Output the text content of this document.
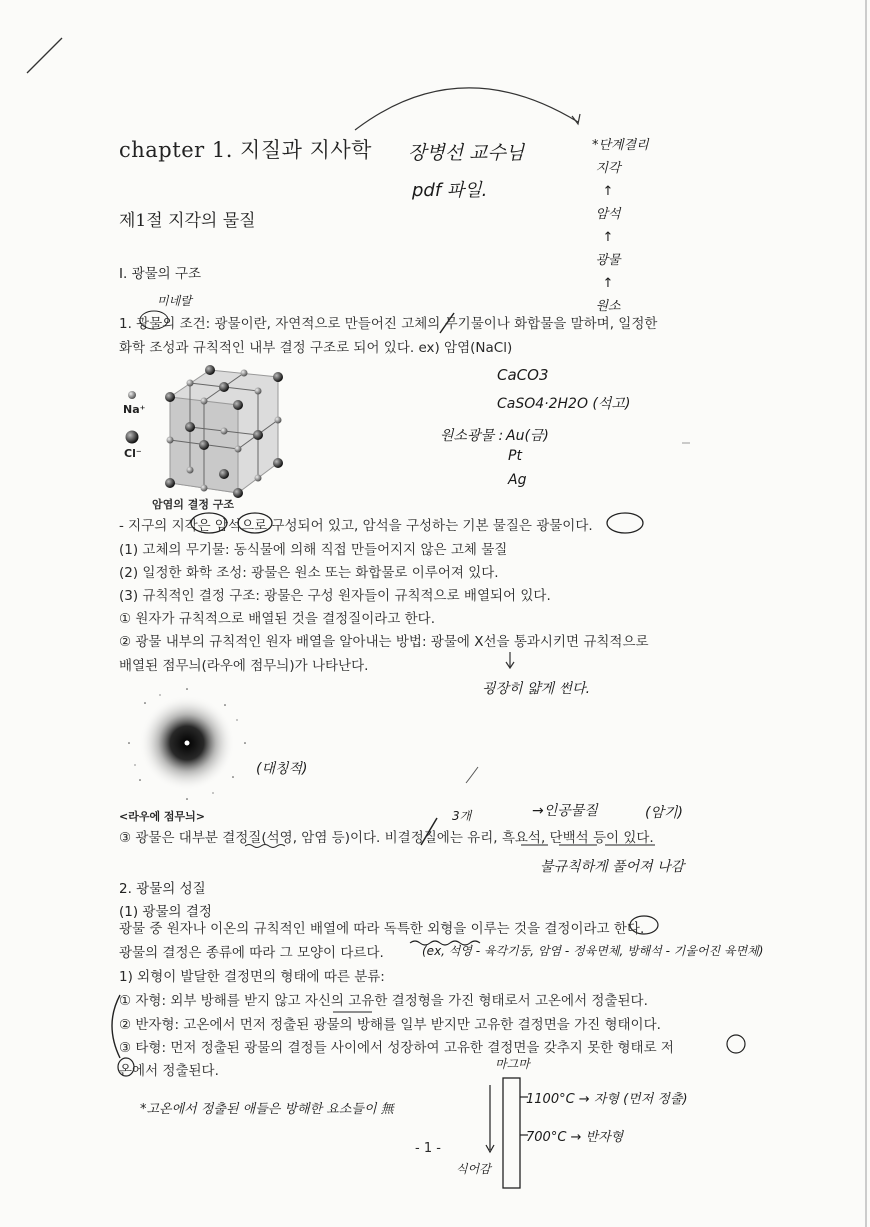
chapter 1. 지질과 지사학 장병선 교수님
pdf 파일.
*단계결리
지각
↑
암석
↑
광물
↑
원소
제1절 지각의 물질
Ⅰ. 광물의 구조
미네랄
1. 광물의 조건: 광물이란, 자연적으로 만들어진 고체의 무기물이나 화합물을 말하며, 일정한
화학 조성과 규칙적인 내부 결정 구조로 되어 있다. ex) 암염(NaCl)
CaCO3
CaSO4·2H2O (석고)
원소광물 : Au(금)
Pt
Ag
Na⁺
Cl⁻
암염의 결정 구조
- 지구의 지각은 암석으로 구성되어 있고, 암석을 구성하는 기본 물질은 광물이다.
(1) 고체의 무기물: 동식물에 의해 직접 만들어지지 않은 고체 물질
(2) 일정한 화학 조성: 광물은 원소 또는 화합물로 이루어져 있다.
(3) 규칙적인 결정 구조: 광물은 구성 원자들이 규칙적으로 배열되어 있다.
① 원자가 규칙적으로 배열된 것을 결정질이라고 한다.
② 광물 내부의 규칙적인 원자 배열을 알아내는 방법: 광물에 X선을 통과시키면 규칙적으로
배열된 점무늬(라우에 점무늬)가 나타난다.
굉장히 얇게 썬다.
(대칭적)
<라우에 점무늬>	3개	→인공물질	(암기)
③ 광물은 대부분 결정질(석영, 암염 등)이다. 비결정질에는 유리, 흑요석, 단백석 등이 있다.
불규칙하게 풀어져 나감
2. 광물의 성질
(1) 광물의 결정
광물 중 원자나 이온의 규칙적인 배열에 따라 독특한 외형을 이루는 것을 결정이라고 한다.
광물의 결정은 종류에 따라 그 모양이 다르다.	(ex, 석영 - 육각기둥, 암염 - 정육면체, 방해석 - 기울어진 육면체)
1) 외형이 발달한 결정면의 형태에 따른 분류:
① 자형: 외부 방해를 받지 않고 자신의 고유한 결정형을 가진 형태로서 고온에서 정출된다.
② 반자형: 고온에서 먼저 정출된 광물의 방해를 일부 받지만 고유한 결정면을 가진 형태이다.
③ 타형: 먼저 정출된 광물의 결정들 사이에서 성장하여 고유한 결정면을 갖추지 못한 형태로 저
온에서 정출된다.	마그마
1100°C → 자형 (먼저 정출)
700°C → 반자형
식어감
*고온에서 정출된 애들은 방해한 요소들이 無
- 1 -
